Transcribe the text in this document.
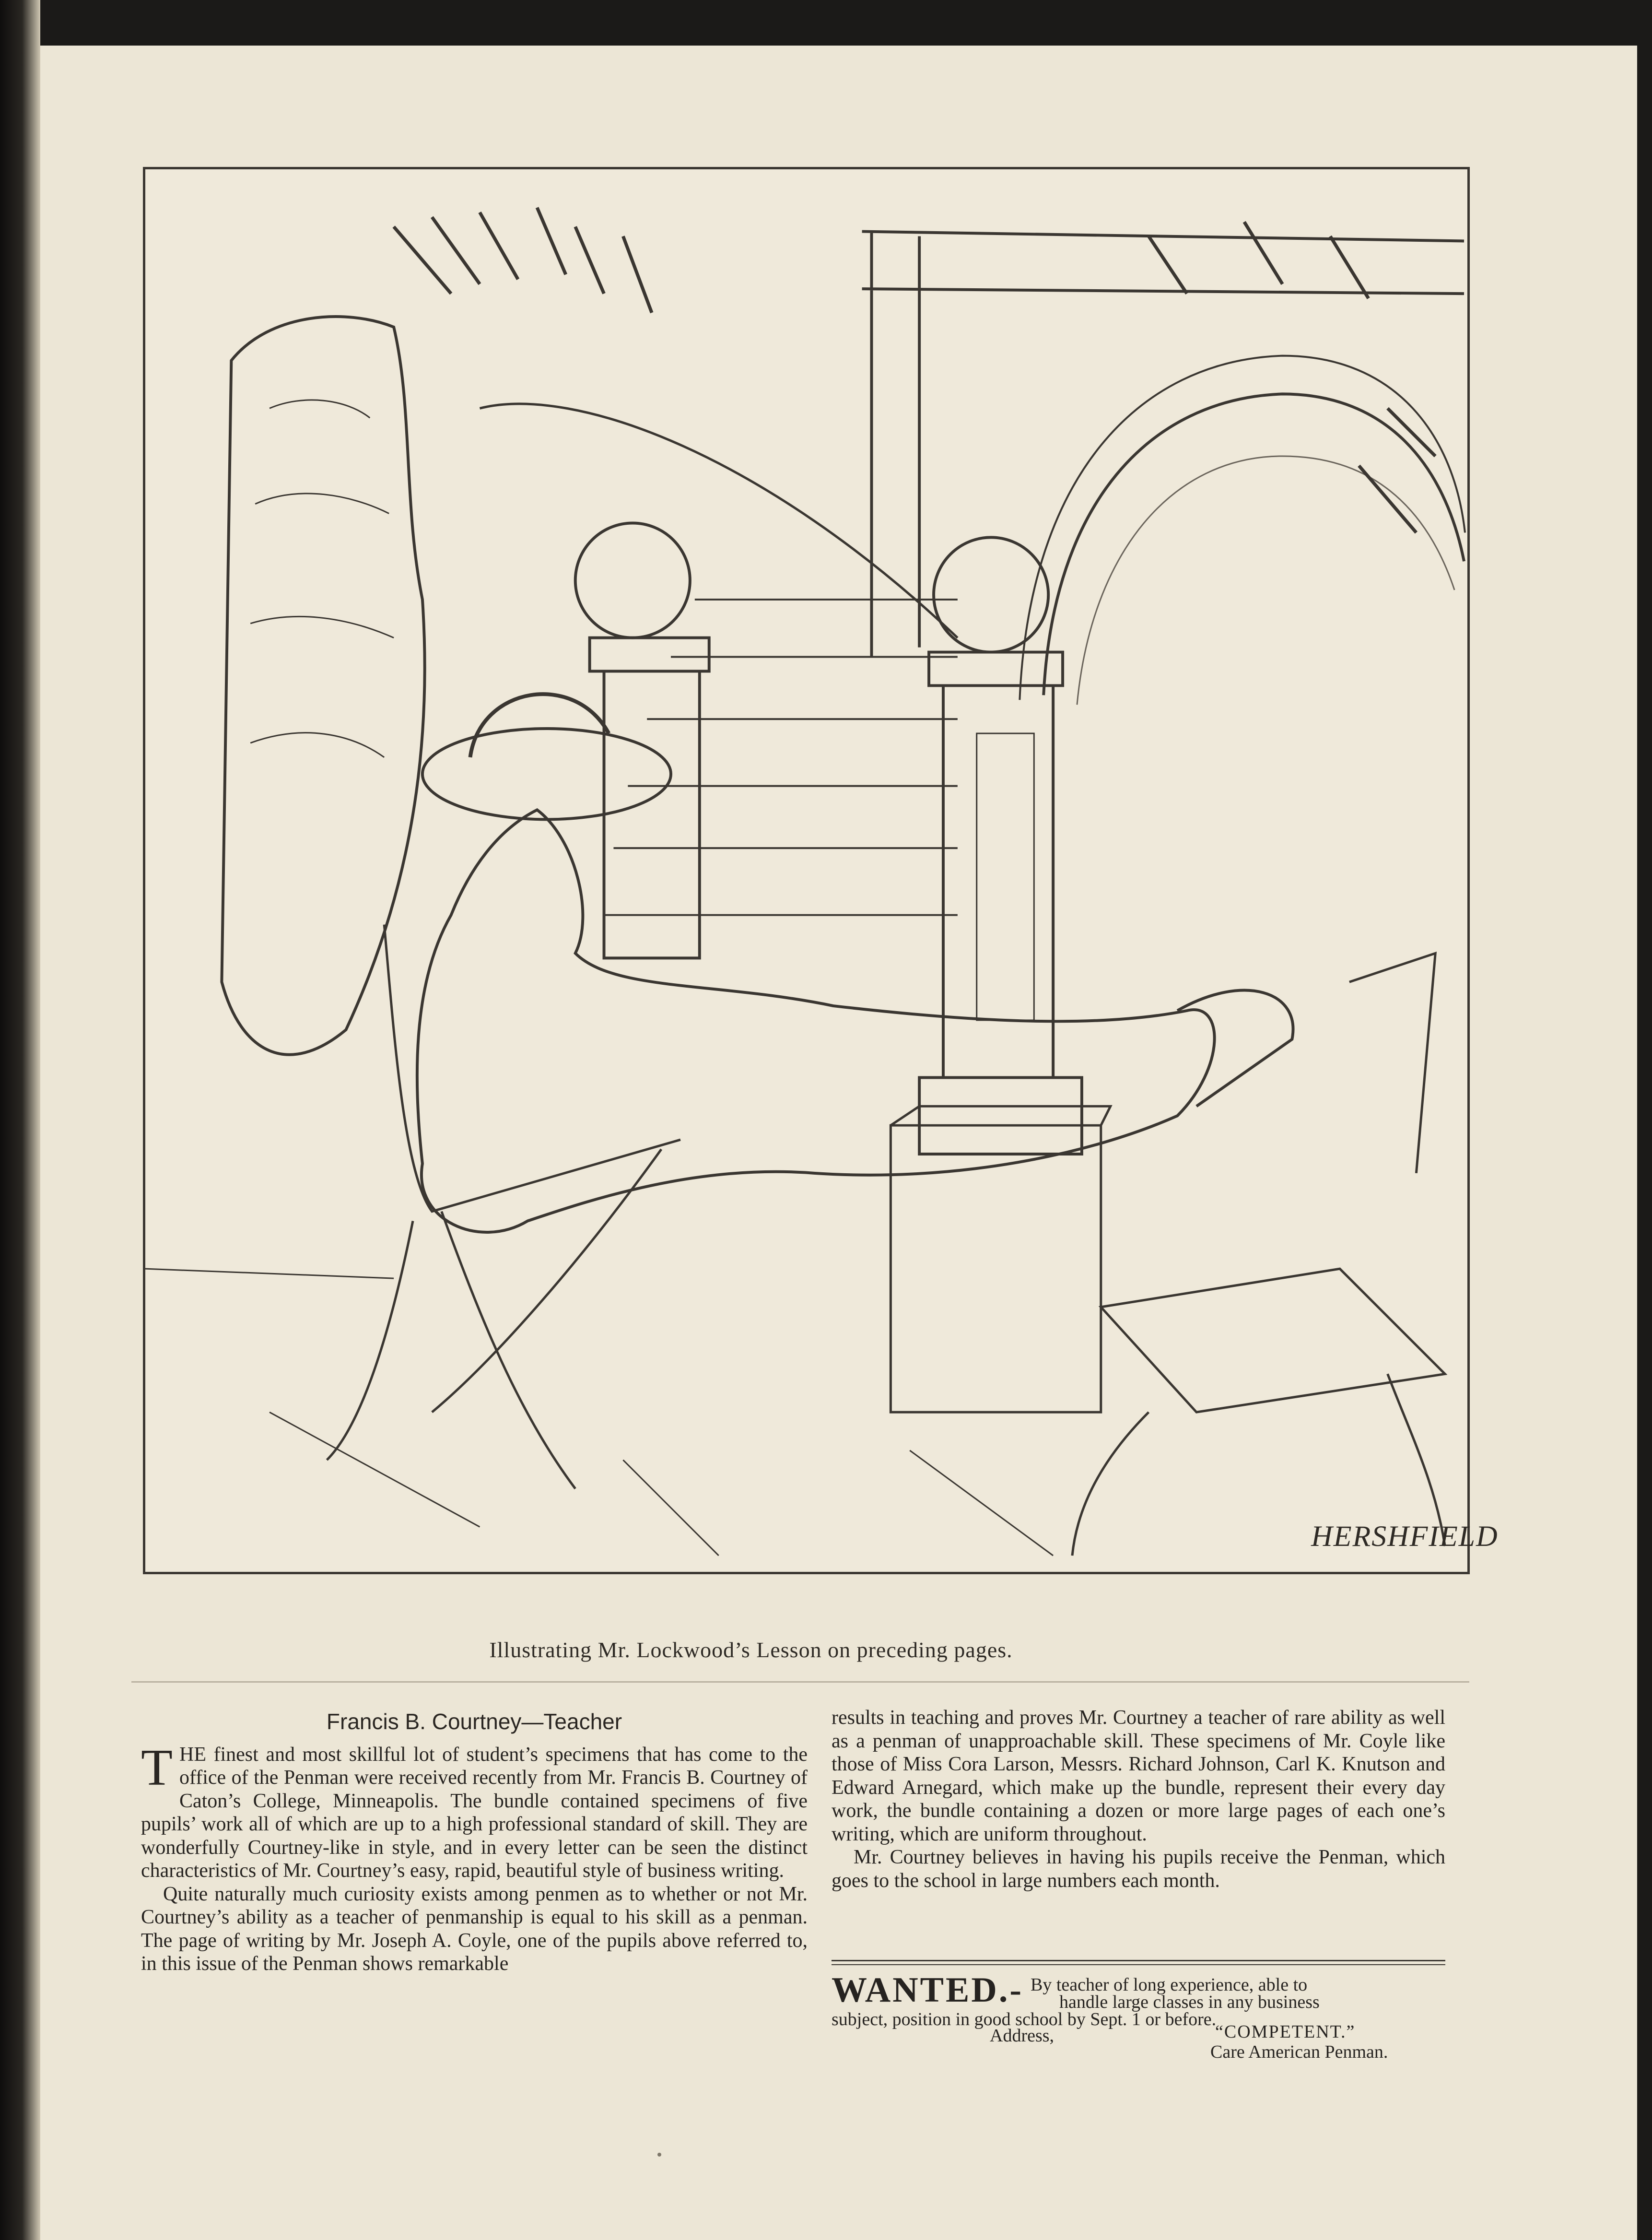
HERSHFIELD
Illustrating Mr. Lockwood’s Lesson on preceding pages.
Francis B. Courtney—Teacher

THE finest and most skillful lot of student’s specimens that has come to the office of the Penman were received recently from Mr. Francis B. Courtney of Caton’s College, Minneapolis. The bundle contained specimens of five pupils’ work all of which are up to a high professional standard of skill. They are wonderfully Courtney-like in style, and in every letter can be seen the distinct characteristics of Mr. Courtney’s easy, rapid, beautiful style of business writing.

Quite naturally much curiosity exists among penmen as to whether or not Mr. Courtney’s ability as a teacher of penmanship is equal to his skill as a penman. The page of writing by Mr. Joseph A. Coyle, one of the pupils above referred to, in this issue of the Penman shows remarkable

results in teaching and proves Mr. Courtney a teacher of rare ability as well as a penman of unapproachable skill. These specimens of Mr. Coyle like those of Miss Cora Larson, Messrs. Richard Johnson, Carl K. Knutson and Edward Arnegard, which make up the bundle, represent their every day work, the bundle containing a dozen or more large pages of each one’s writing, which are uniform throughout.

Mr. Courtney believes in having his pupils receive the Penman, which goes to the school in large numbers each month.

WANTED.- By teacher of long experience, able to
handle large classes in any business
subject, position in good school by Sept. 1 or before.
Address,	“COMPETENT.”
Care American Penman.
